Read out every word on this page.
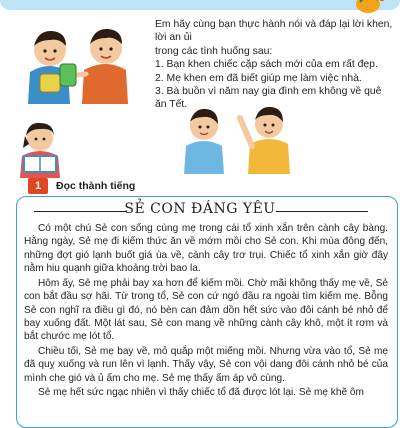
Em hãy cùng bạn thực hành nói và đáp lại lời khen, lời an ủi

trong các tình huống sau:

1. Bạn khen chiếc cặp sách mới của em rất đẹp.

2. Mẹ khen em đã biết giúp mẹ làm việc nhà.

3. Bà buồn vì năm nay gia đình em không về quê ăn Tết.

1	Đọc thành tiếng
SẺ CON ĐÁNG YÊU

Có một chú Sẻ con sống cùng mẹ trong cái tổ xinh xắn trên cành cây bàng. Hằng ngày, Sẻ mẹ đi kiếm thức ăn về mớm mồi cho Sẻ con. Khi mùa đông đến, những đợt gió lạnh buốt giá ùa về, cành cây trơ trụi. Chiếc tổ xinh xắn giờ đây nằm hiu quạnh giữa khoảng trời bao la.

Hôm ấy, Sẻ mẹ phải bay xa hơn để kiếm mồi. Chờ mãi không thấy mẹ về, Sẻ con bắt đầu sợ hãi. Từ trong tổ, Sẻ con cứ ngó đầu ra ngoài tìm kiếm mẹ. Bỗng Sẻ con nghĩ ra điều gì đó, nó bèn can đảm dồn hết sức vào đôi cánh bé nhỏ để bay xuống đất. Một lát sau, Sẻ con mang về những cành cây khô, một ít rơm và bắt chước mẹ lót tổ.

Chiều tối, Sẻ mẹ bay về, mỏ quắp một miếng mồi. Nhưng vừa vào tổ, Sẻ mẹ đã quỵ xuống và run lên vì lạnh. Thấy vậy, Sẻ con vội dang đôi cánh nhỏ bé của mình che gió và ủ ấm cho mẹ. Sẻ mẹ thấy ấm áp vô cùng.

Sẻ mẹ hết sức ngạc nhiên vì thấy chiếc tổ đã được lót lại. Sẻ mẹ khẽ ôm
